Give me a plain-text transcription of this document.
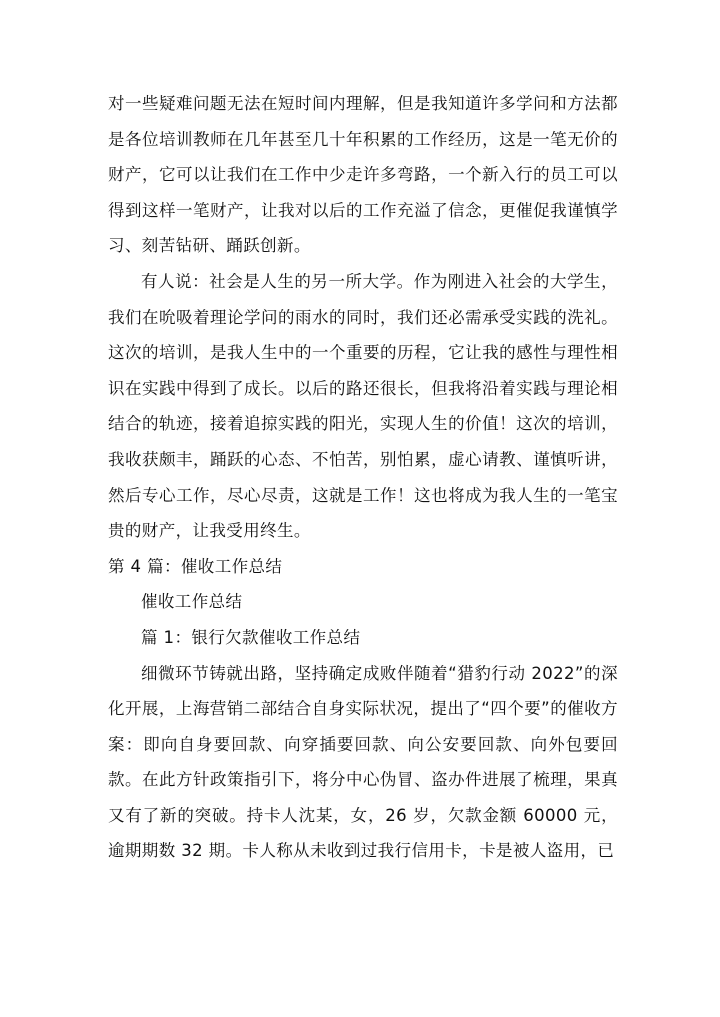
对一些疑难问题无法在短时间内理解，但是我知道许多学问和方法都是各位培训教师在几年甚至几十年积累的工作经历，这是一笔无价的财产，它可以让我们在工作中少走许多弯路，一个新入行的员工可以得到这样一笔财产，让我对以后的工作充溢了信念，更催促我谨慎学习、刻苦钻研、踊跃创新。

有人说：社会是人生的另一所大学。作为刚进入社会的大学生，我们在吮吸着理论学问的雨水的同时，我们还必需承受实践的洗礼。这次的培训，是我人生中的一个重要的历程，它让我的感性与理性相识在实践中得到了成长。以后的路还很长，但我将沿着实践与理论相结合的轨迹，接着追掠实践的阳光，实现人生的价值！这次的培训，我收获颇丰，踊跃的心态、不怕苦，别怕累，虚心请教、谨慎听讲，然后专心工作，尽心尽责，这就是工作！这也将成为我人生的一笔宝贵的财产，让我受用终生。

第 4 篇：催收工作总结

催收工作总结

篇 1：银行欠款催收工作总结

细微环节铸就出路，坚持确定成败伴随着“猎豹行动 2022”的深化开展，上海营销二部结合自身实际状况，提出了“四个要”的催收方案：即向自身要回款、向穿插要回款、向公安要回款、向外包要回款。在此方针政策指引下，将分中心伪冒、盗办件进展了梳理，果真又有了新的突破。持卡人沈某，女，26 岁，欠款金额 60000 元，逾期期数 32 期。卡人称从未收到过我行信用卡，卡是被人盗用，已
